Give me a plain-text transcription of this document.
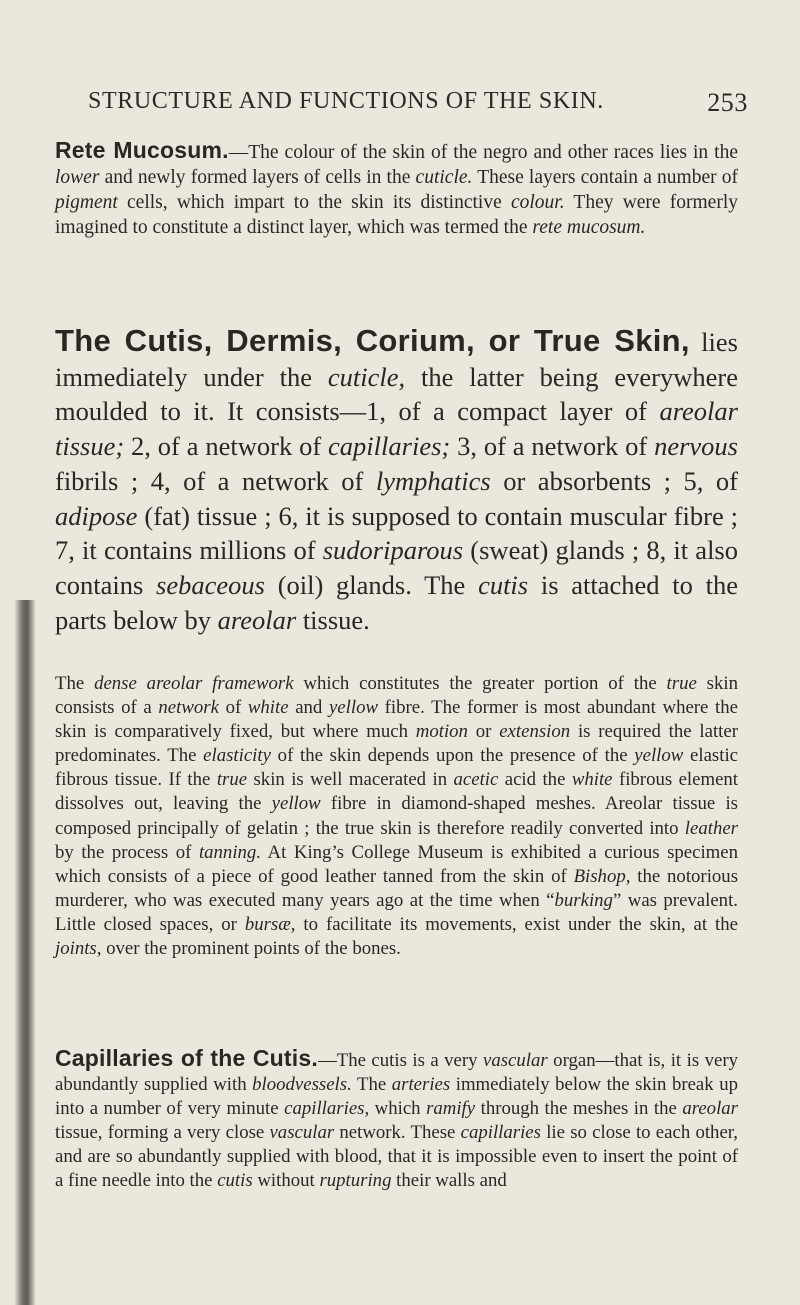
STRUCTURE AND FUNCTIONS OF THE SKIN.	253

Rete Mucosum.—The colour of the skin of the negro and other races lies in the lower and newly formed layers of cells in the cuticle. These layers contain a number of pigment cells, which impart to the skin its distinctive colour. They were formerly imagined to constitute a distinct layer, which was termed the rete mucosum.

The Cutis, Dermis, Corium, or True Skin, lies immediately under the cuticle, the latter being everywhere moulded to it. It consists—1, of a compact layer of areolar tissue; 2, of a network of capillaries; 3, of a network of nervous fibrils ; 4, of a network of lymphatics or absorbents ; 5, of adipose (fat) tissue ; 6, it is supposed to contain muscular fibre ; 7, it contains millions of sudoriparous (sweat) glands ; 8, it also contains sebaceous (oil) glands. The cutis is attached to the parts below by areolar tissue.

The dense areolar framework which constitutes the greater portion of the true skin consists of a network of white and yellow fibre. The former is most abundant where the skin is comparatively fixed, but where much motion or extension is required the latter predominates. The elasticity of the skin depends upon the presence of the yellow elastic fibrous tissue. If the true skin is well macerated in acetic acid the white fibrous element dissolves out, leaving the yellow fibre in diamond-shaped meshes. Areolar tissue is composed principally of gelatin ; the true skin is therefore readily converted into leather by the process of tanning. At King’s College Museum is exhibited a curious specimen which consists of a piece of good leather tanned from the skin of Bishop, the notorious murderer, who was executed many years ago at the time when “burking” was prevalent. Little closed spaces, or bursæ, to facilitate its movements, exist under the skin, at the joints, over the prominent points of the bones.

Capillaries of the Cutis.—The cutis is a very vascular organ—that is, it is very abundantly supplied with bloodvessels. The arteries immediately below the skin break up into a number of very minute capillaries, which ramify through the meshes in the areolar tissue, forming a very close vascular network. These capillaries lie so close to each other, and are so abundantly supplied with blood, that it is impossible even to insert the point of a fine needle into the cutis without rupturing their walls and
